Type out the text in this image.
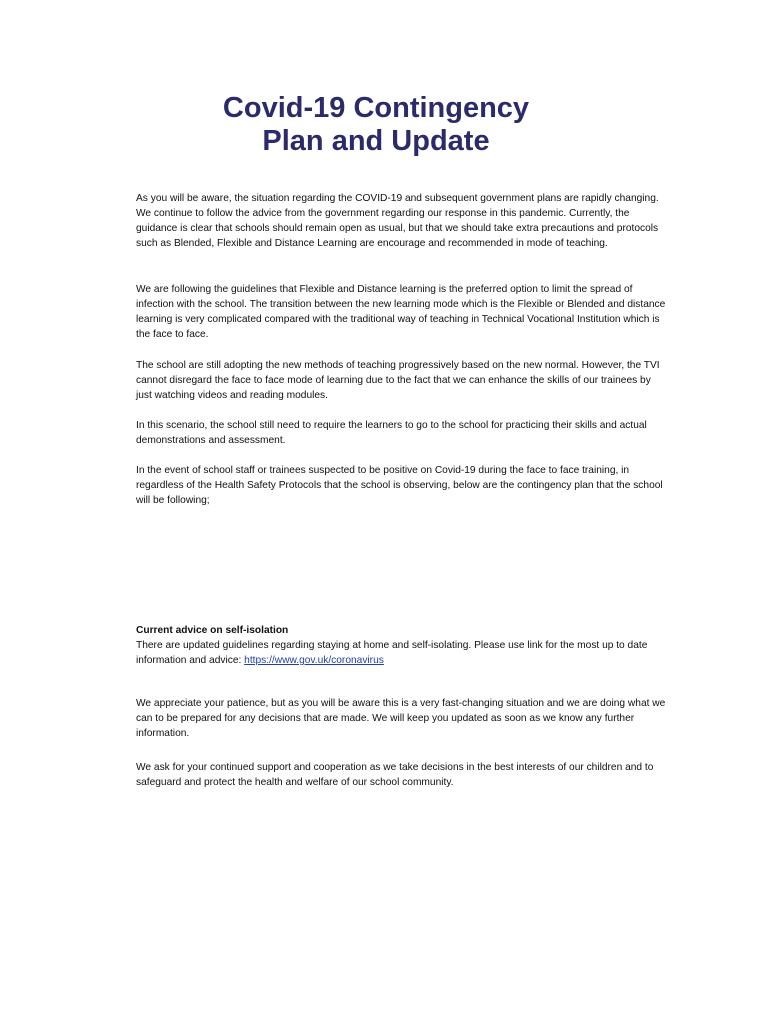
Covid-19 Contingency
Plan and Update

As you will be aware, the situation regarding the COVID-19 and subsequent government plans are rapidly changing. We continue to follow the advice from the government regarding our response in this pandemic. Currently, the guidance is clear that schools should remain open as usual, but that we should take extra precautions and protocols such as Blended, Flexible and Distance Learning are encourage and recommended in mode of teaching.

We are following the guidelines that Flexible and Distance learning is the preferred option to limit the spread of infection with the school. The transition between the new learning mode which is the Flexible or Blended and distance learning is very complicated compared with the traditional way of teaching in Technical Vocational Institution which is the face to face.

The school are still adopting the new methods of teaching progressively based on the new normal. However, the TVI cannot disregard the face to face mode of learning due to the fact that we can enhance the skills of our trainees by just watching videos and reading modules.

In this scenario, the school still need to require the learners to go to the school for practicing their skills and actual demonstrations and assessment.

In the event of school staff or trainees suspected to be positive on Covid-19 during the face to face training, in regardless of the Health Safety Protocols that the school is observing, below are the contingency plan that the school will be following;

Current advice on self-isolation
There are updated guidelines regarding staying at home and self-isolating. Please use link for the most up to date information and advice: https://www.gov.uk/coronavirus

We appreciate your patience, but as you will be aware this is a very fast-changing situation and we are doing what we can to be prepared for any decisions that are made. We will keep you updated as soon as we know any further information.

We ask for your continued support and cooperation as we take decisions in the best interests of our children and to safeguard and protect the health and welfare of our school community.
